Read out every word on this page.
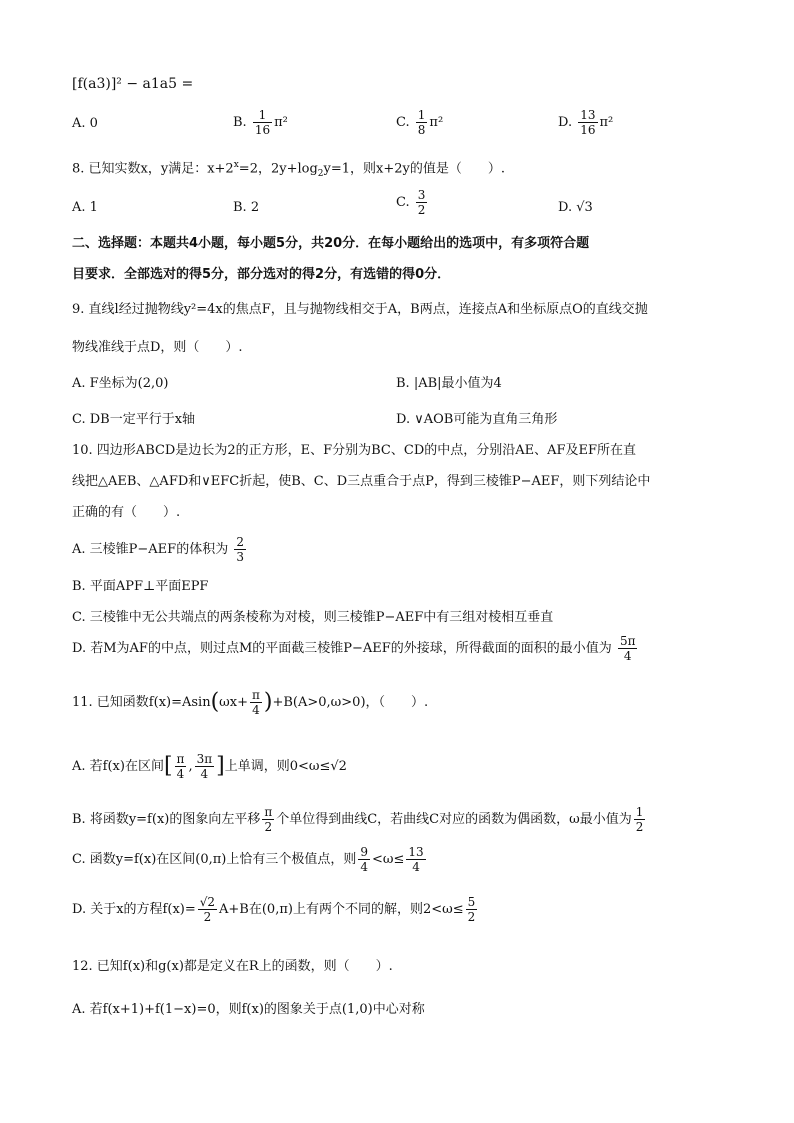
[f(a3)]² − a1a5 =
A. 0	B. $\frac{1}{16} \pi^2$	C. $\frac{1}{8} \pi^2$	D. $\frac{13}{16} \pi^2$
8. 已知实数x，y满足：$x+2^x=2$，$2y+\log_2y=1$，则x+2y的值是（　　）.
A. 1	B. 2	C. $\frac{3}{2}$	D. √3
二、选择题：本题共4小题，每小题5分，共20分．在每小题给出的选项中，有多项符合题
目要求．全部选对的得5分，部分选对的得2分，有选错的得0分．
9. 直线l经过抛物线y²=4x的焦点F，且与抛物线相交于A，B两点，连接点A和坐标原点O的直线交抛
物线准线于点D，则（　　）.
A. F坐标为(2,0)	B. |AB|最小值为4
C. DB一定平行于x轴	D. ∨AOB可能为直角三角形
10. 四边形ABCD是边长为2的正方形，E、F分别为BC、CD的中点，分别沿AE、AF及EF所在直
线把△AEB、△AFD和∨EFC折起，使B、C、D三点重合于点P，得到三棱锥P−AEF，则下列结论中
正确的有（　　）.
A. 三棱锥P−AEF的体积为 $\frac{2}{3}$
B. 平面APF⊥平面EPF
C. 三棱锥中无公共端点的两条棱称为对棱，则三棱锥P−AEF中有三组对棱相互垂直
D. 若M为AF的中点，则过点M的平面截三棱锥P−AEF的外接球，所得截面的面积的最小值为 $\frac{5\pi}{4}$
11. 已知函数$f(x)=Asin(\omega x+ \frac{\pi}{4} )+B(A>0,\omega>0)$，（　　）.
A. 若f(x)在区间[ $\frac{\pi}{4}$ , $\frac{3\pi}{4}$ ]上单调，则0<ω≤√2
B. 将函数y=f(x)的图象向左平移 $\frac{\pi}{2}$ 个单位得到曲线C，若曲线C对应的函数为偶函数，ω最小值为 $\frac{1}{2}$
C. 函数y=f(x)在区间(0,π)上恰有三个极值点，则 $\frac{9}{4} <\omega\le \frac{13}{4}$
D. 关于x的方程$f(x)= \frac{√2}{2} A+B$在(0,π)上有两个不同的解，则$2<\omega\le \frac{5}{2}$
12. 已知f(x)和g(x)都是定义在R上的函数，则（　　）.
A. 若f(x+1)+f(1−x)=0，则f(x)的图象关于点(1,0)中心对称
